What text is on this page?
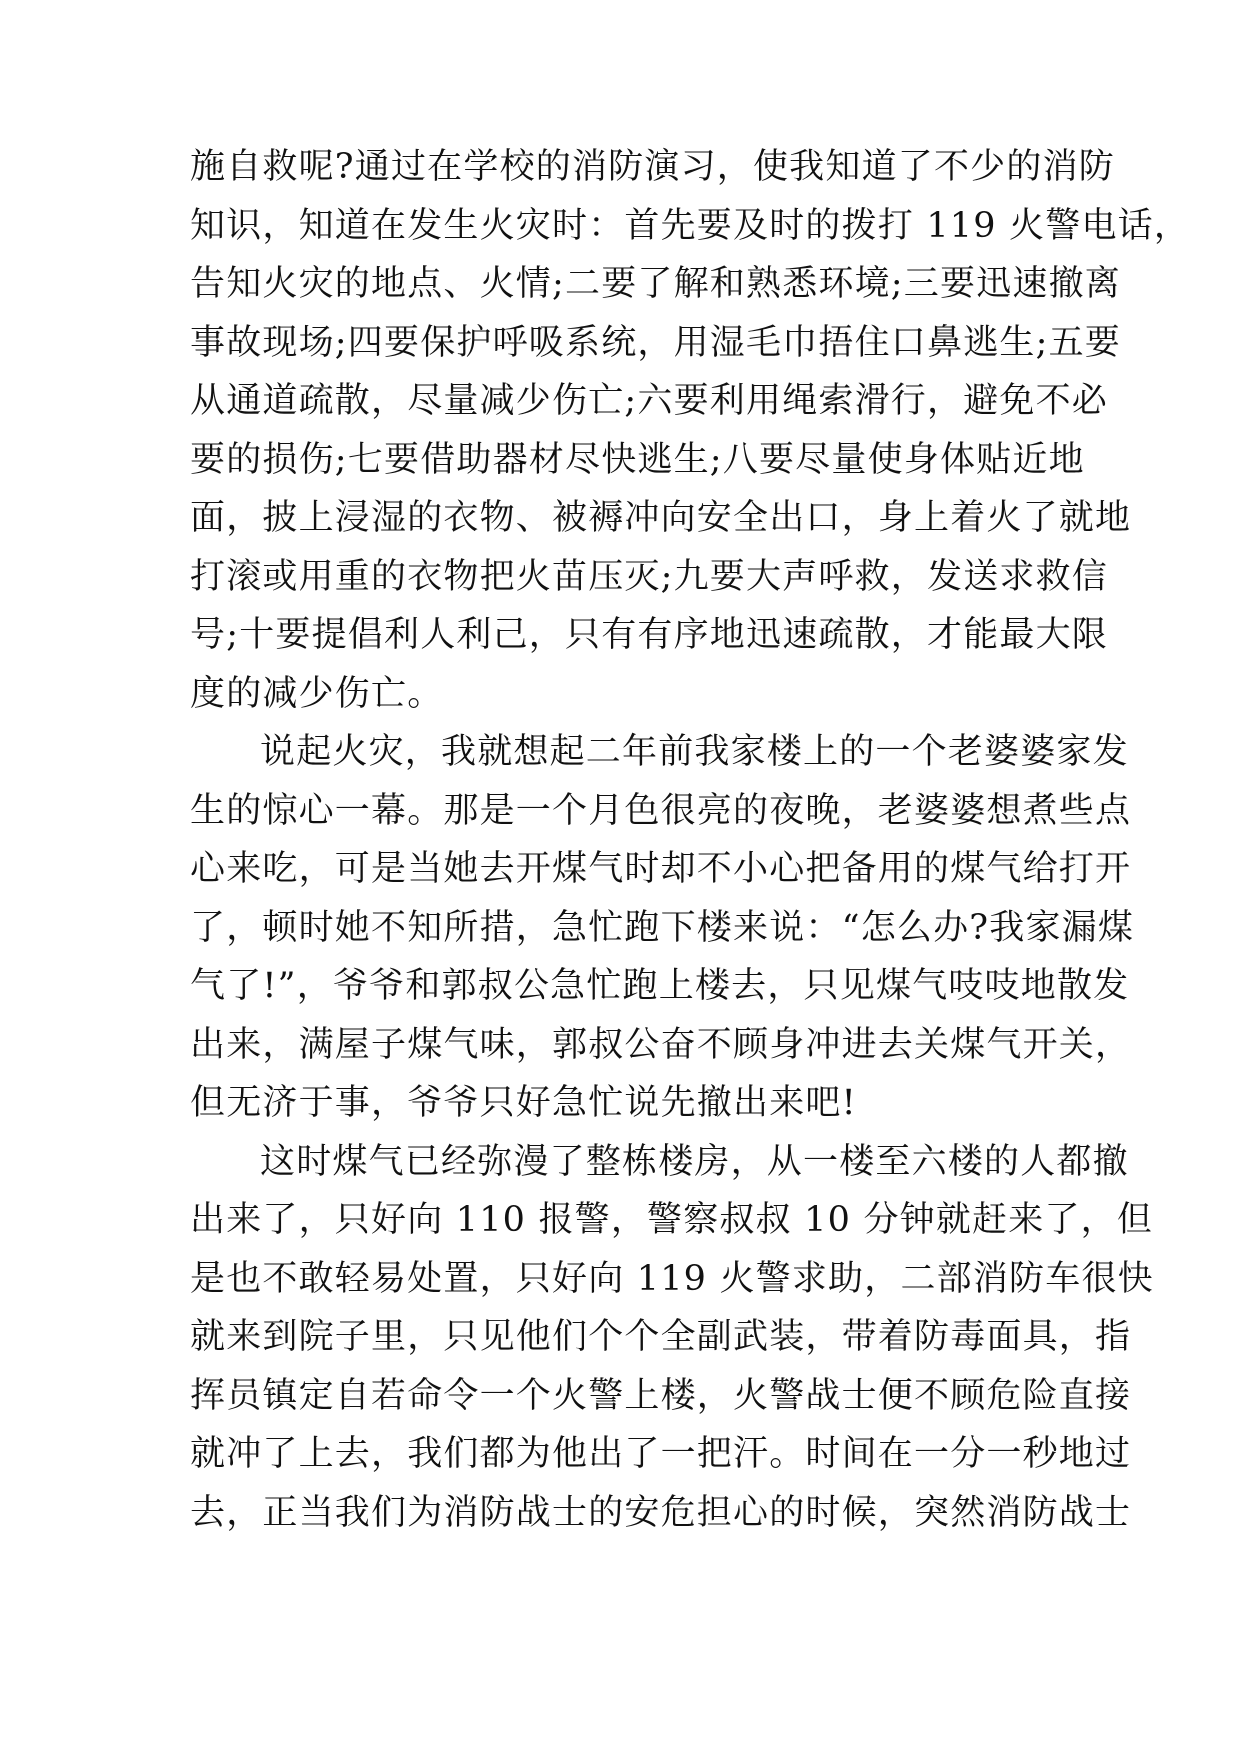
施自救呢?通过在学校的消防演习，使我知道了不少的消防
知识，知道在发生火灾时：首先要及时的拨打 119 火警电话，
告知火灾的地点、火情;二要了解和熟悉环境;三要迅速撤离
事故现场;四要保护呼吸系统，用湿毛巾捂住口鼻逃生;五要
从通道疏散，尽量减少伤亡;六要利用绳索滑行，避免不必
要的损伤;七要借助器材尽快逃生;八要尽量使身体贴近地
面，披上浸湿的衣物、被褥冲向安全出口，身上着火了就地
打滚或用重的衣物把火苗压灭;九要大声呼救，发送求救信
号;十要提倡利人利己，只有有序地迅速疏散，才能最大限
度的减少伤亡。
说起火灾，我就想起二年前我家楼上的一个老婆婆家发
生的惊心一幕。那是一个月色很亮的夜晚，老婆婆想煮些点
心来吃，可是当她去开煤气时却不小心把备用的煤气给打开
了，顿时她不知所措，急忙跑下楼来说：“怎么办?我家漏煤
气了!”，爷爷和郭叔公急忙跑上楼去，只见煤气吱吱地散发
出来，满屋子煤气味，郭叔公奋不顾身冲进去关煤气开关，
但无济于事，爷爷只好急忙说先撤出来吧!
这时煤气已经弥漫了整栋楼房，从一楼至六楼的人都撤
出来了，只好向 110 报警，警察叔叔 10 分钟就赶来了，但
是也不敢轻易处置，只好向 119 火警求助，二部消防车很快
就来到院子里，只见他们个个全副武装，带着防毒面具，指
挥员镇定自若命令一个火警上楼，火警战士便不顾危险直接
就冲了上去，我们都为他出了一把汗。时间在一分一秒地过
去，正当我们为消防战士的安危担心的时候，突然消防战士
